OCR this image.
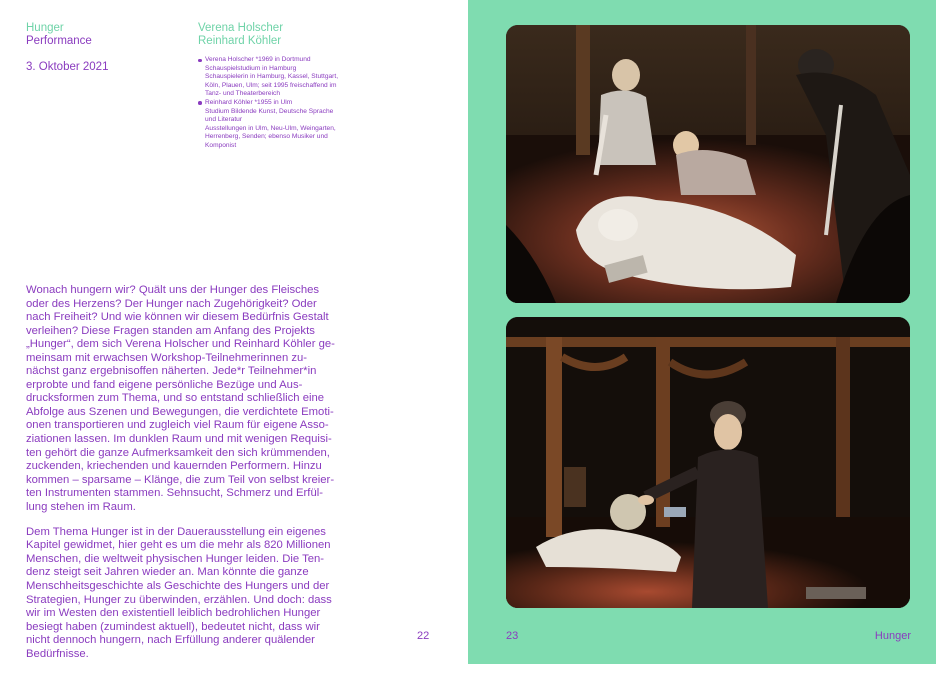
Hunger
Performance
3. Oktober 2021
Verena Holscher
Reinhard Köhler
Verena Holscher *1969 in Dortmund
Schauspielstudium in Hamburg
Schauspielerin in Hamburg, Kassel, Stuttgart,
Köln, Plauen, Ulm; seit 1995 freischaffend im
Tanz- und Theaterbereich
Reinhard Köhler *1955 in Ulm
Studium Bildende Kunst, Deutsche Sprache
und Literatur
Ausstellungen in Ulm, Neu-Ulm, Weingarten,
Herrenberg, Senden; ebenso Musiker und
Komponist

Wonach hungern wir? Quält uns der Hunger des Fleisches
oder des Herzens? Der Hunger nach Zugehörigkeit? Oder
nach Freiheit? Und wie können wir diesem Bedürfnis Gestalt
verleihen? Diese Fragen standen am Anfang des Projekts
„Hunger“, dem sich Verena Holscher und Reinhard Köhler ge-
meinsam mit erwachsen Workshop-Teilnehmerinnen zu-
nächst ganz ergebnisoffen näherten. Jede*r Teilnehmer*in
erprobte und fand eigene persönliche Bezüge und Aus-
drucksformen zum Thema, und so entstand schließlich eine
Abfolge aus Szenen und Bewegungen, die verdichtete Emoti-
onen transportieren und zugleich viel Raum für eigene Asso-
ziationen lassen. Im dunklen Raum und mit wenigen Requisi-
ten gehört die ganze Aufmerksamkeit den sich krümmenden,
zuckenden, kriechenden und kauernden Performern. Hinzu
kommen – sparsame – Klänge, die zum Teil von selbst kreier-
ten Instrumenten stammen. Sehnsucht, Schmerz und Erfül-
lung stehen im Raum.

Dem Thema Hunger ist in der Dauerausstellung ein eigenes
Kapitel gewidmet, hier geht es um die mehr als 820 Millionen
Menschen, die weltweit physischen Hunger leiden. Die Ten-
denz steigt seit Jahren wieder an. Man könnte die ganze
Menschheitsgeschichte als Geschichte des Hungers und der
Strategien, Hunger zu überwinden, erzählen. Und doch: dass
wir im Westen den existentiell leiblich bedrohlichen Hunger
besiegt haben (zumindest aktuell), bedeutet nicht, dass wir
nicht dennoch hungern, nach Erfüllung anderer quälender
Bedürfnisse.

22	23	Hunger
